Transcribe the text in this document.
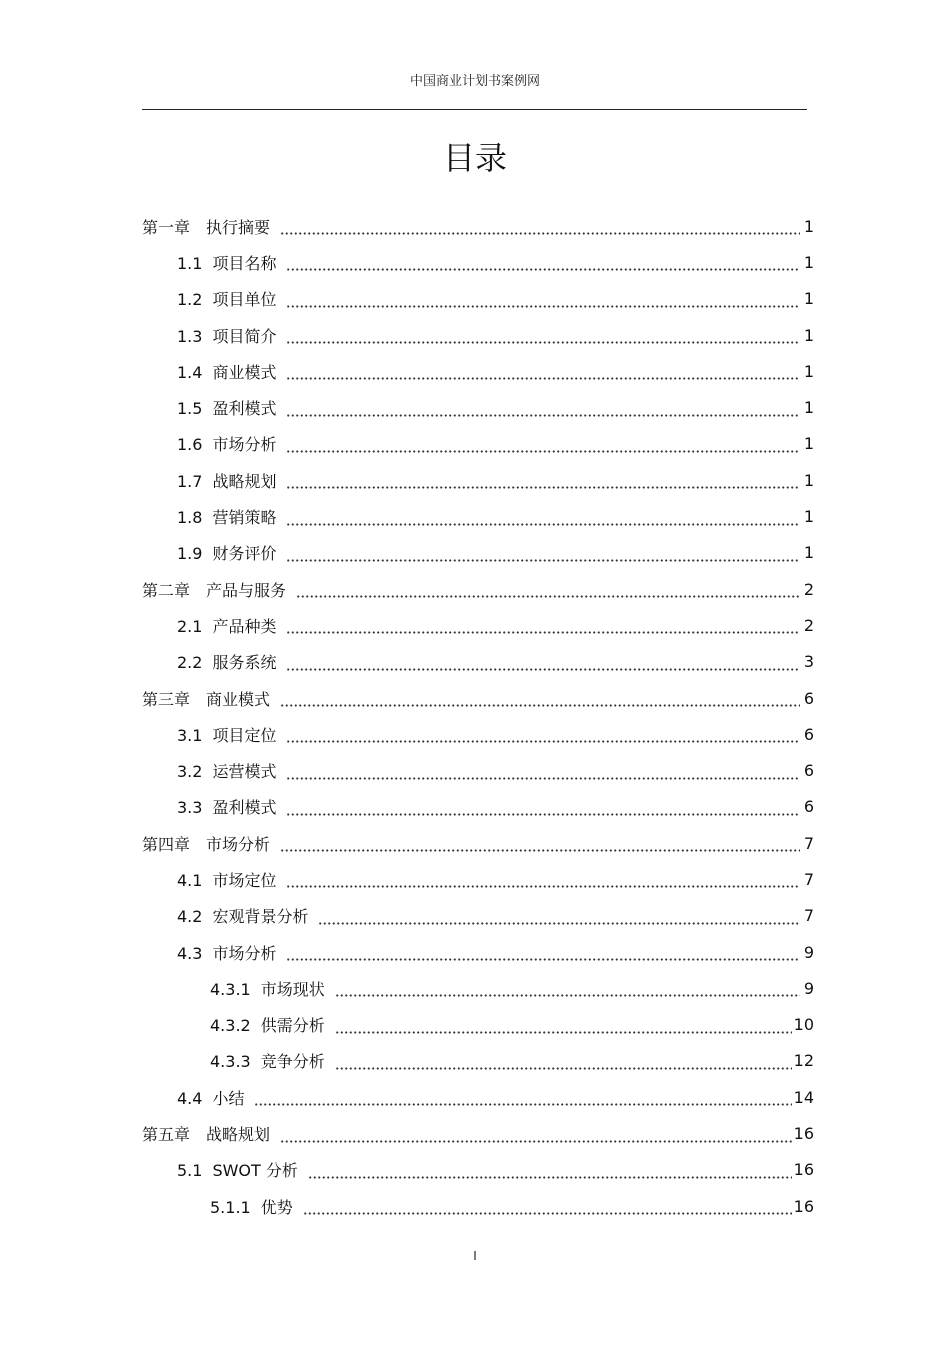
中国商业计划书案例网
目录
第一章 执行摘要	1
1.1 项目名称	1
1.2 项目单位	1
1.3 项目简介	1
1.4 商业模式	1
1.5 盈利模式	1
1.6 市场分析	1
1.7 战略规划	1
1.8 营销策略	1
1.9 财务评价	1
第二章 产品与服务	2
2.1 产品种类	2
2.2 服务系统	3
第三章 商业模式	6
3.1 项目定位	6
3.2 运营模式	6
3.3 盈利模式	6
第四章 市场分析	7
4.1 市场定位	7
4.2 宏观背景分析	7
4.3 市场分析	9
4.3.1 市场现状	9
4.3.2 供需分析	10
4.3.3 竞争分析	12
4.4 小结	14
第五章 战略规划	16
5.1 SWOT 分析	16
5.1.1 优势	16
I
